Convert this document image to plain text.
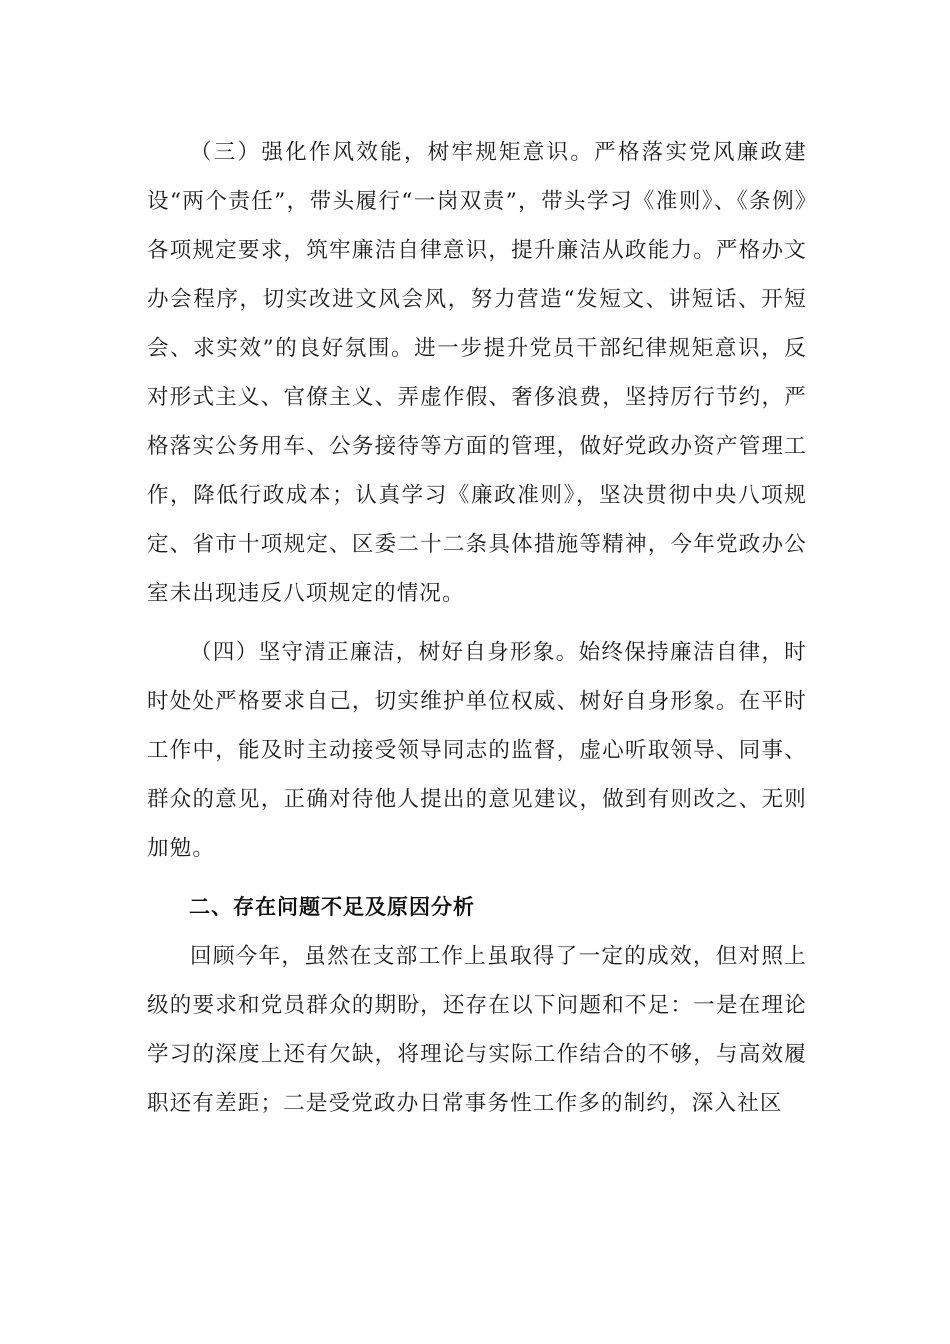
（三）强化作风效能，树牢规矩意识。严格落实党风廉政建设“两个责任”，带头履行“一岗双责”，带头学习《准则》、《条例》各项规定要求，筑牢廉洁自律意识，提升廉洁从政能力。严格办文办会程序，切实改进文风会风，努力营造“发短文、讲短话、开短会、求实效”的良好氛围。进一步提升党员干部纪律规矩意识，反对形式主义、官僚主义、弄虚作假、奢侈浪费，坚持厉行节约，严格落实公务用车、公务接待等方面的管理，做好党政办资产管理工作，降低行政成本；认真学习《廉政准则》，坚决贯彻中央八项规定、省市十项规定、区委二十二条具体措施等精神，今年党政办公室未出现违反八项规定的情况。

（四）坚守清正廉洁，树好自身形象。始终保持廉洁自律，时时处处严格要求自己，切实维护单位权威、树好自身形象。在平时工作中，能及时主动接受领导同志的监督，虚心听取领导、同事、群众的意见，正确对待他人提出的意见建议，做到有则改之、无则加勉。

二、存在问题不足及原因分析

回顾今年，虽然在支部工作上虽取得了一定的成效，但对照上级的要求和党员群众的期盼，还存在以下问题和不足：一是在理论学习的深度上还有欠缺，将理论与实际工作结合的不够，与高效履职还有差距；二是受党政办日常事务性工作多的制约，深入社区
